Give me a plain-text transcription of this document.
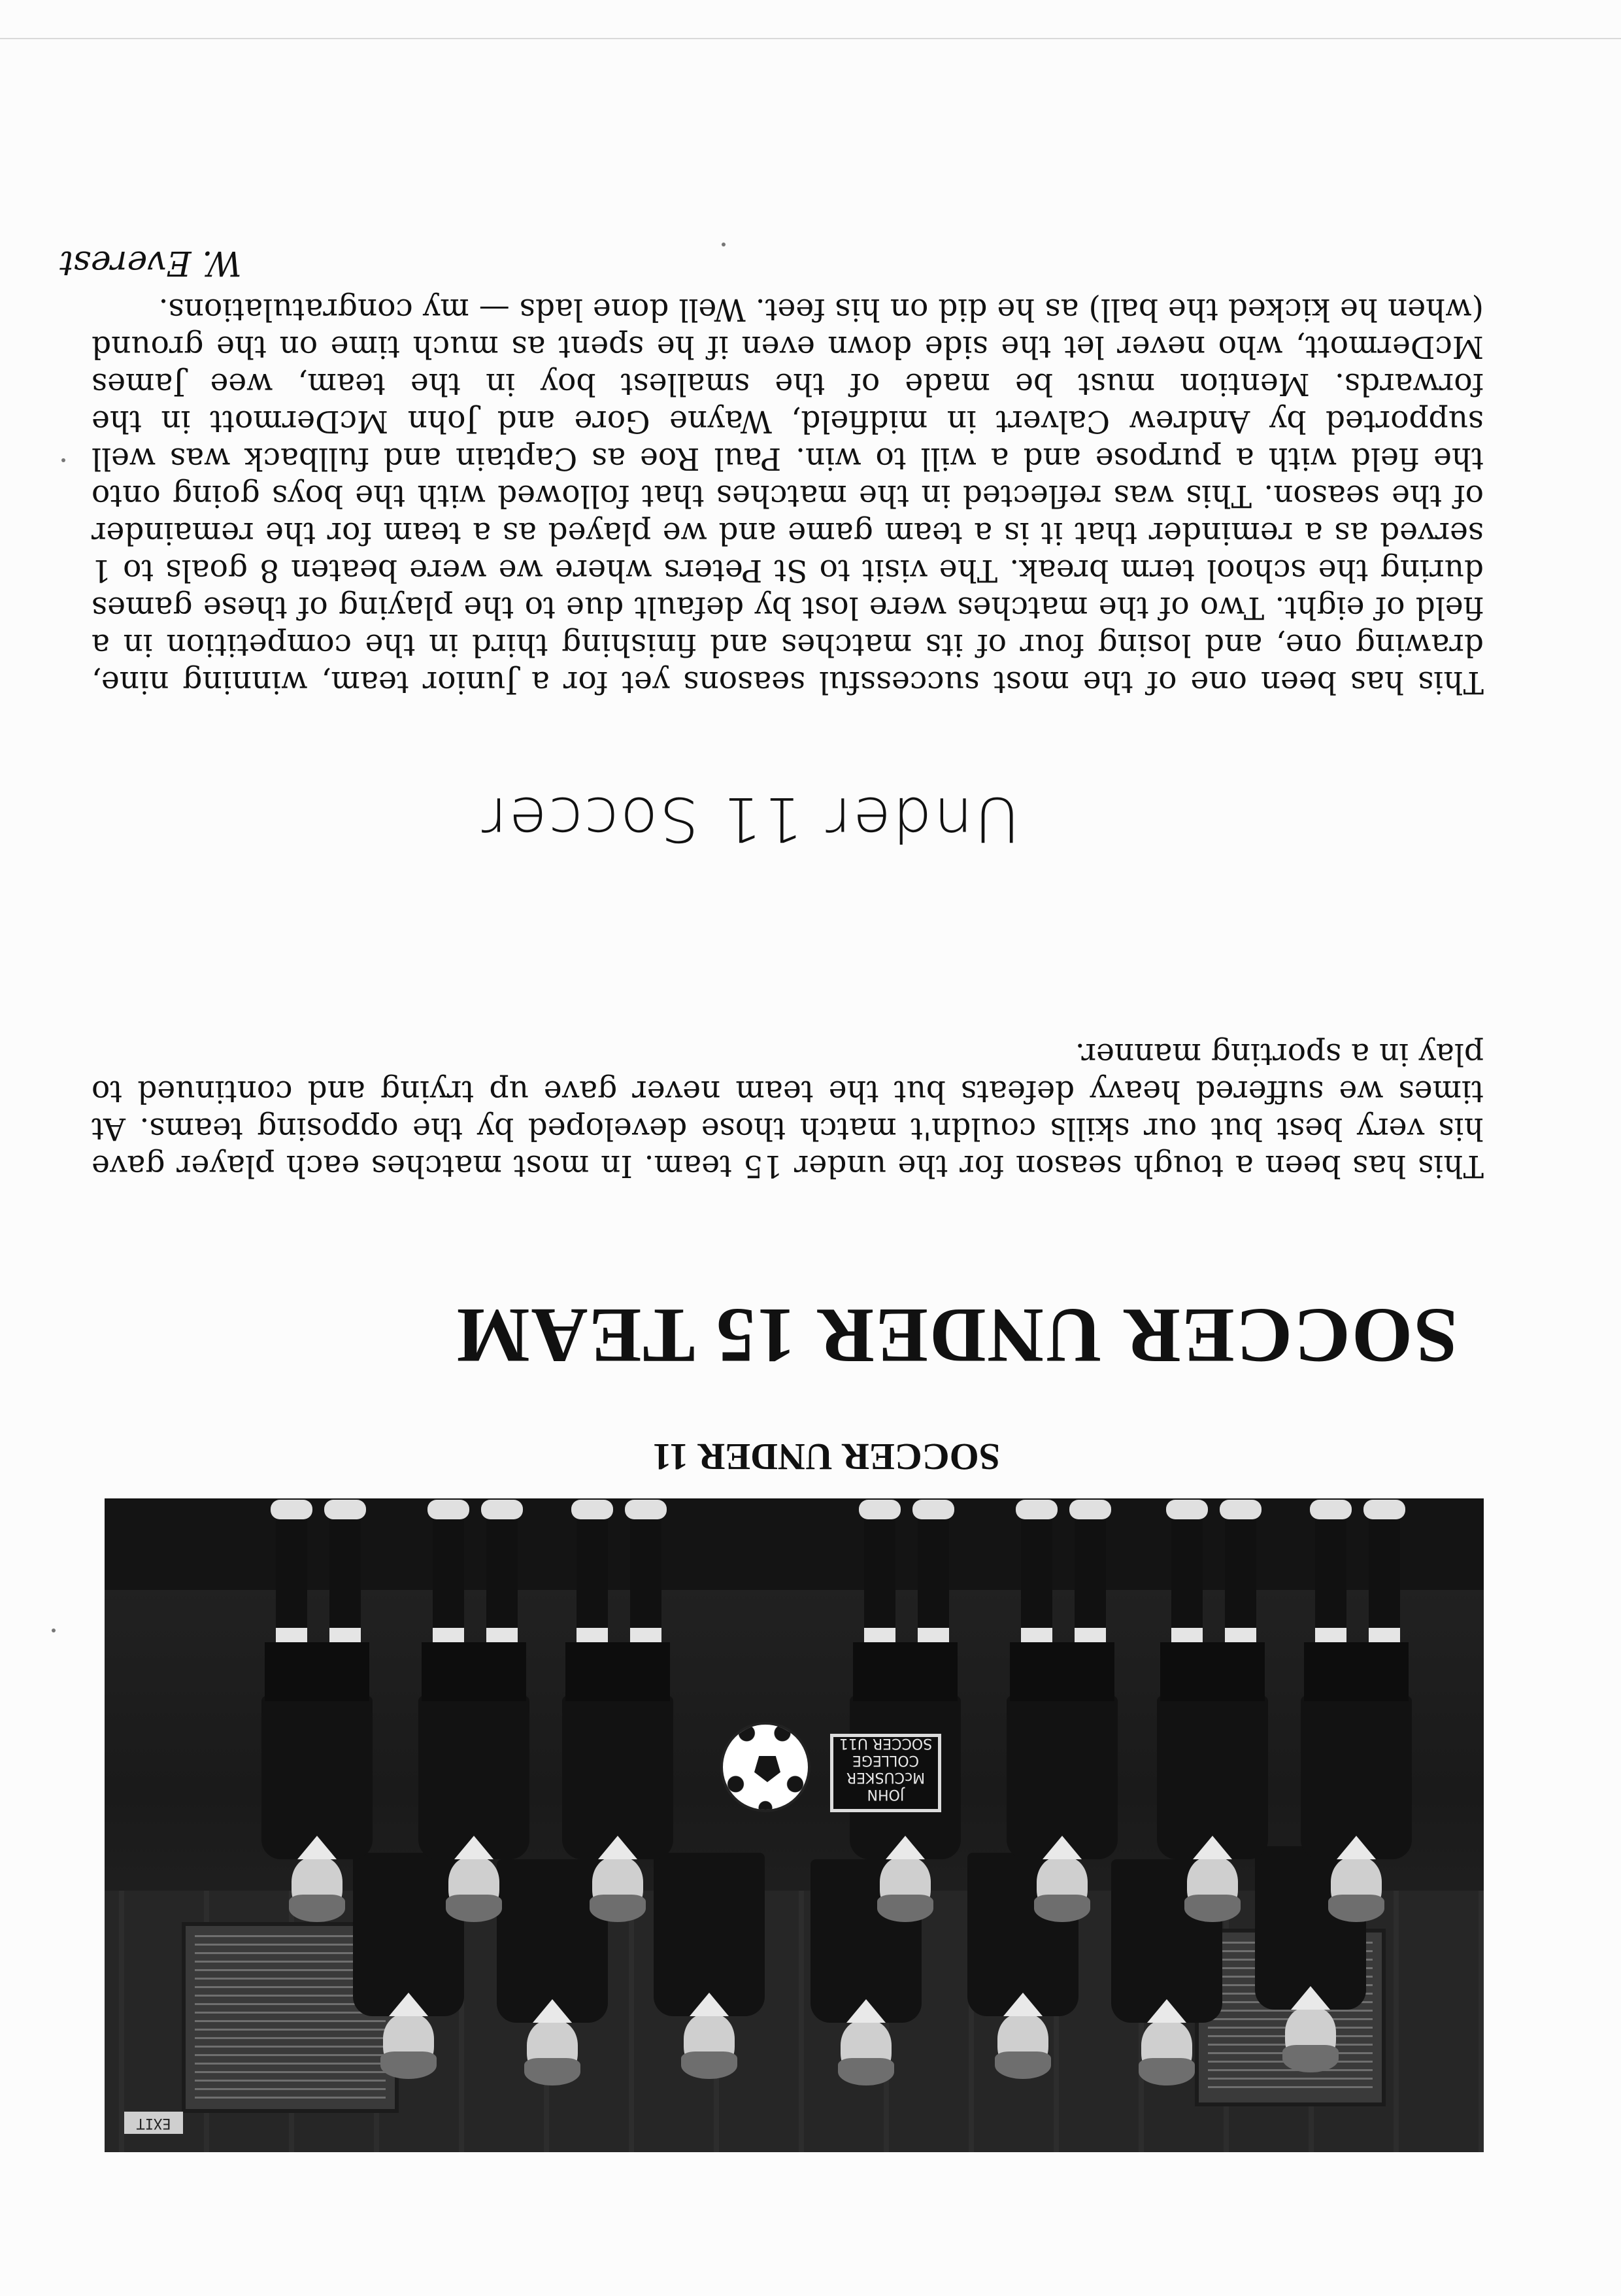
W. Everest
This has been one of the most successful seasons yet for a Junior team, winning nine, drawing one, and losing four of its matches and finishing third in the competition in a field of eight. Two of the matches were lost by default due to the playing of these games during the school term break. The visit to St Peters where we were beaten 8 goals to 1 served as a reminder that it is a team game and we played as a team for the remainder of the season. This was reflected in the matches that followed with the boys going onto the field with a purpose and a will to win. Paul Roe as Captain and fullback was well supported by Andrew Calvert in midfield, Wayne Gore and John McDermott in the forwards. Mention must be made of the smallest boy in the team, wee James McDermott, who never let the side down even if he spent as much time on the ground (when he kicked the ball) as he did on his feet. Well done lads — my congratulations.
Under 11 Soccer
This has been a tough season for the under 15 team. In most matches each player gave his very best but our skills couldn't match those developed by the opposing teams. At times we suffered heavy defeats but the team never gave up trying and continued to play in a sporting manner.
SOCCER UNDER 15 TEAM
SOCCER UNDER 11
EXIT
JOHN McCUSKER
COLLEGE
SOCCER U11
